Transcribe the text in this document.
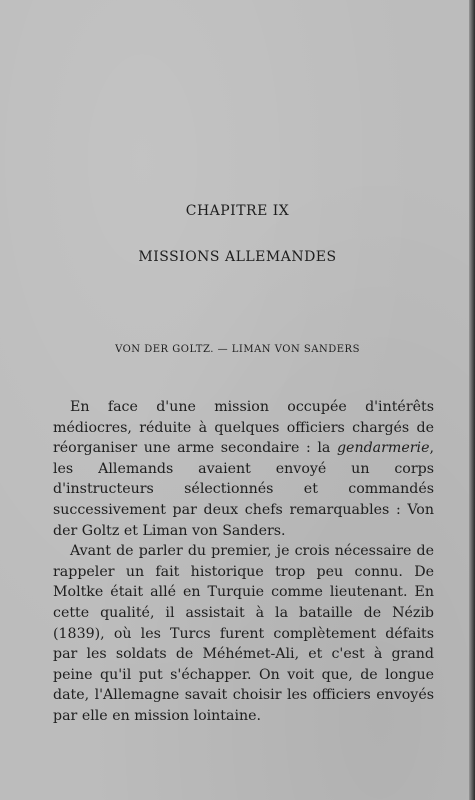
CHAPITRE IX
MISSIONS ALLEMANDES
VON DER GOLTZ. — LIMAN VON SANDERS

En face d'une mission occupée d'intérêts médiocres, réduite à quelques officiers chargés de réorganiser une arme secondaire : la gendarmerie, les Allemands avaient envoyé un corps d'instructeurs sélectionnés et commandés successivement par deux chefs remarquables : Von der Goltz et Liman von Sanders.

Avant de parler du premier, je crois nécessaire de rappeler un fait historique trop peu connu. De Moltke était allé en Turquie comme lieutenant. En cette qualité, il assistait à la bataille de Nézib (1839), où les Turcs furent complètement défaits par les soldats de Méhémet-Ali, et c'est à grand peine qu'il put s'échapper. On voit que, de longue date, l'Allemagne savait choisir les officiers envoyés par elle en mission lointaine.
